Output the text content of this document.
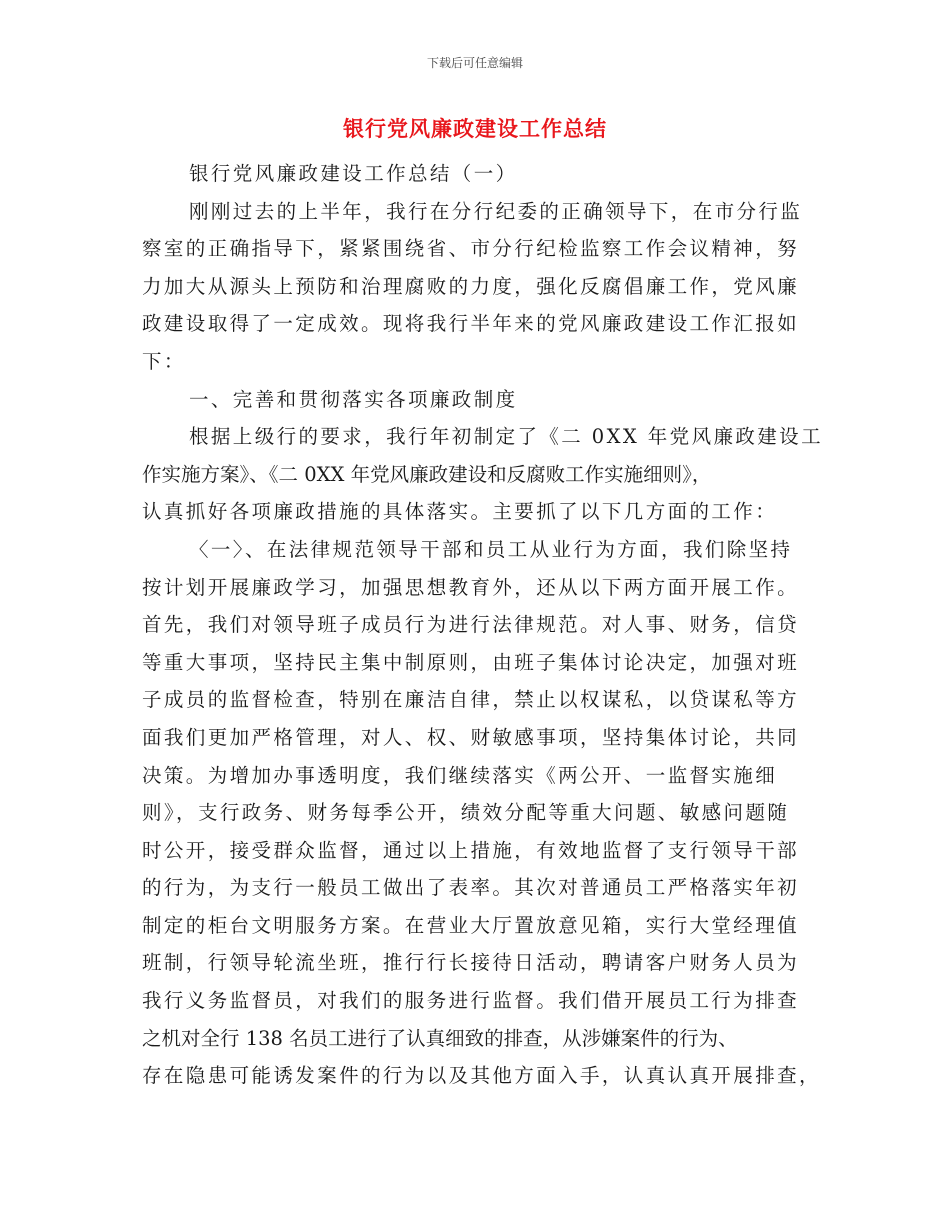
下载后可任意编辑
银行党风廉政建设工作总结
银行党风廉政建设工作总结（一）
刚刚过去的上半年，我行在分行纪委的正确领导下，在市分行监
察室的正确指导下，紧紧围绕省、市分行纪检监察工作会议精神，努
力加大从源头上预防和治理腐败的力度，强化反腐倡廉工作，党风廉
政建设取得了一定成效。现将我行半年来的党风廉政建设工作汇报如
下：
一、完善和贯彻落实各项廉政制度
根据上级行的要求，我行年初制定了《二 0XX 年党风廉政建设工
作实施方案》、《二 0XX 年党风廉政建设和反腐败工作实施细则》，
认真抓好各项廉政措施的具体落实。主要抓了以下几方面的工作：
〈一〉、在法律规范领导干部和员工从业行为方面，我们除坚持
按计划开展廉政学习，加强思想教育外，还从以下两方面开展工作。
首先，我们对领导班子成员行为进行法律规范。对人事、财务，信贷
等重大事项，坚持民主集中制原则，由班子集体讨论决定，加强对班
子成员的监督检查，特别在廉洁自律，禁止以权谋私，以贷谋私等方
面我们更加严格管理，对人、权、财敏感事项，坚持集体讨论，共同
决策。为增加办事透明度，我们继续落实《两公开、一监督实施细
则》，支行政务、财务每季公开，绩效分配等重大问题、敏感问题随
时公开，接受群众监督，通过以上措施，有效地监督了支行领导干部
的行为，为支行一般员工做出了表率。其次对普通员工严格落实年初
制定的柜台文明服务方案。在营业大厅置放意见箱，实行大堂经理值
班制，行领导轮流坐班，推行行长接待日活动，聘请客户财务人员为
我行义务监督员，对我们的服务进行监督。我们借开展员工行为排查
之机对全行 138 名员工进行了认真细致的排查，从涉嫌案件的行为、
存在隐患可能诱发案件的行为以及其他方面入手，认真认真开展排查，
